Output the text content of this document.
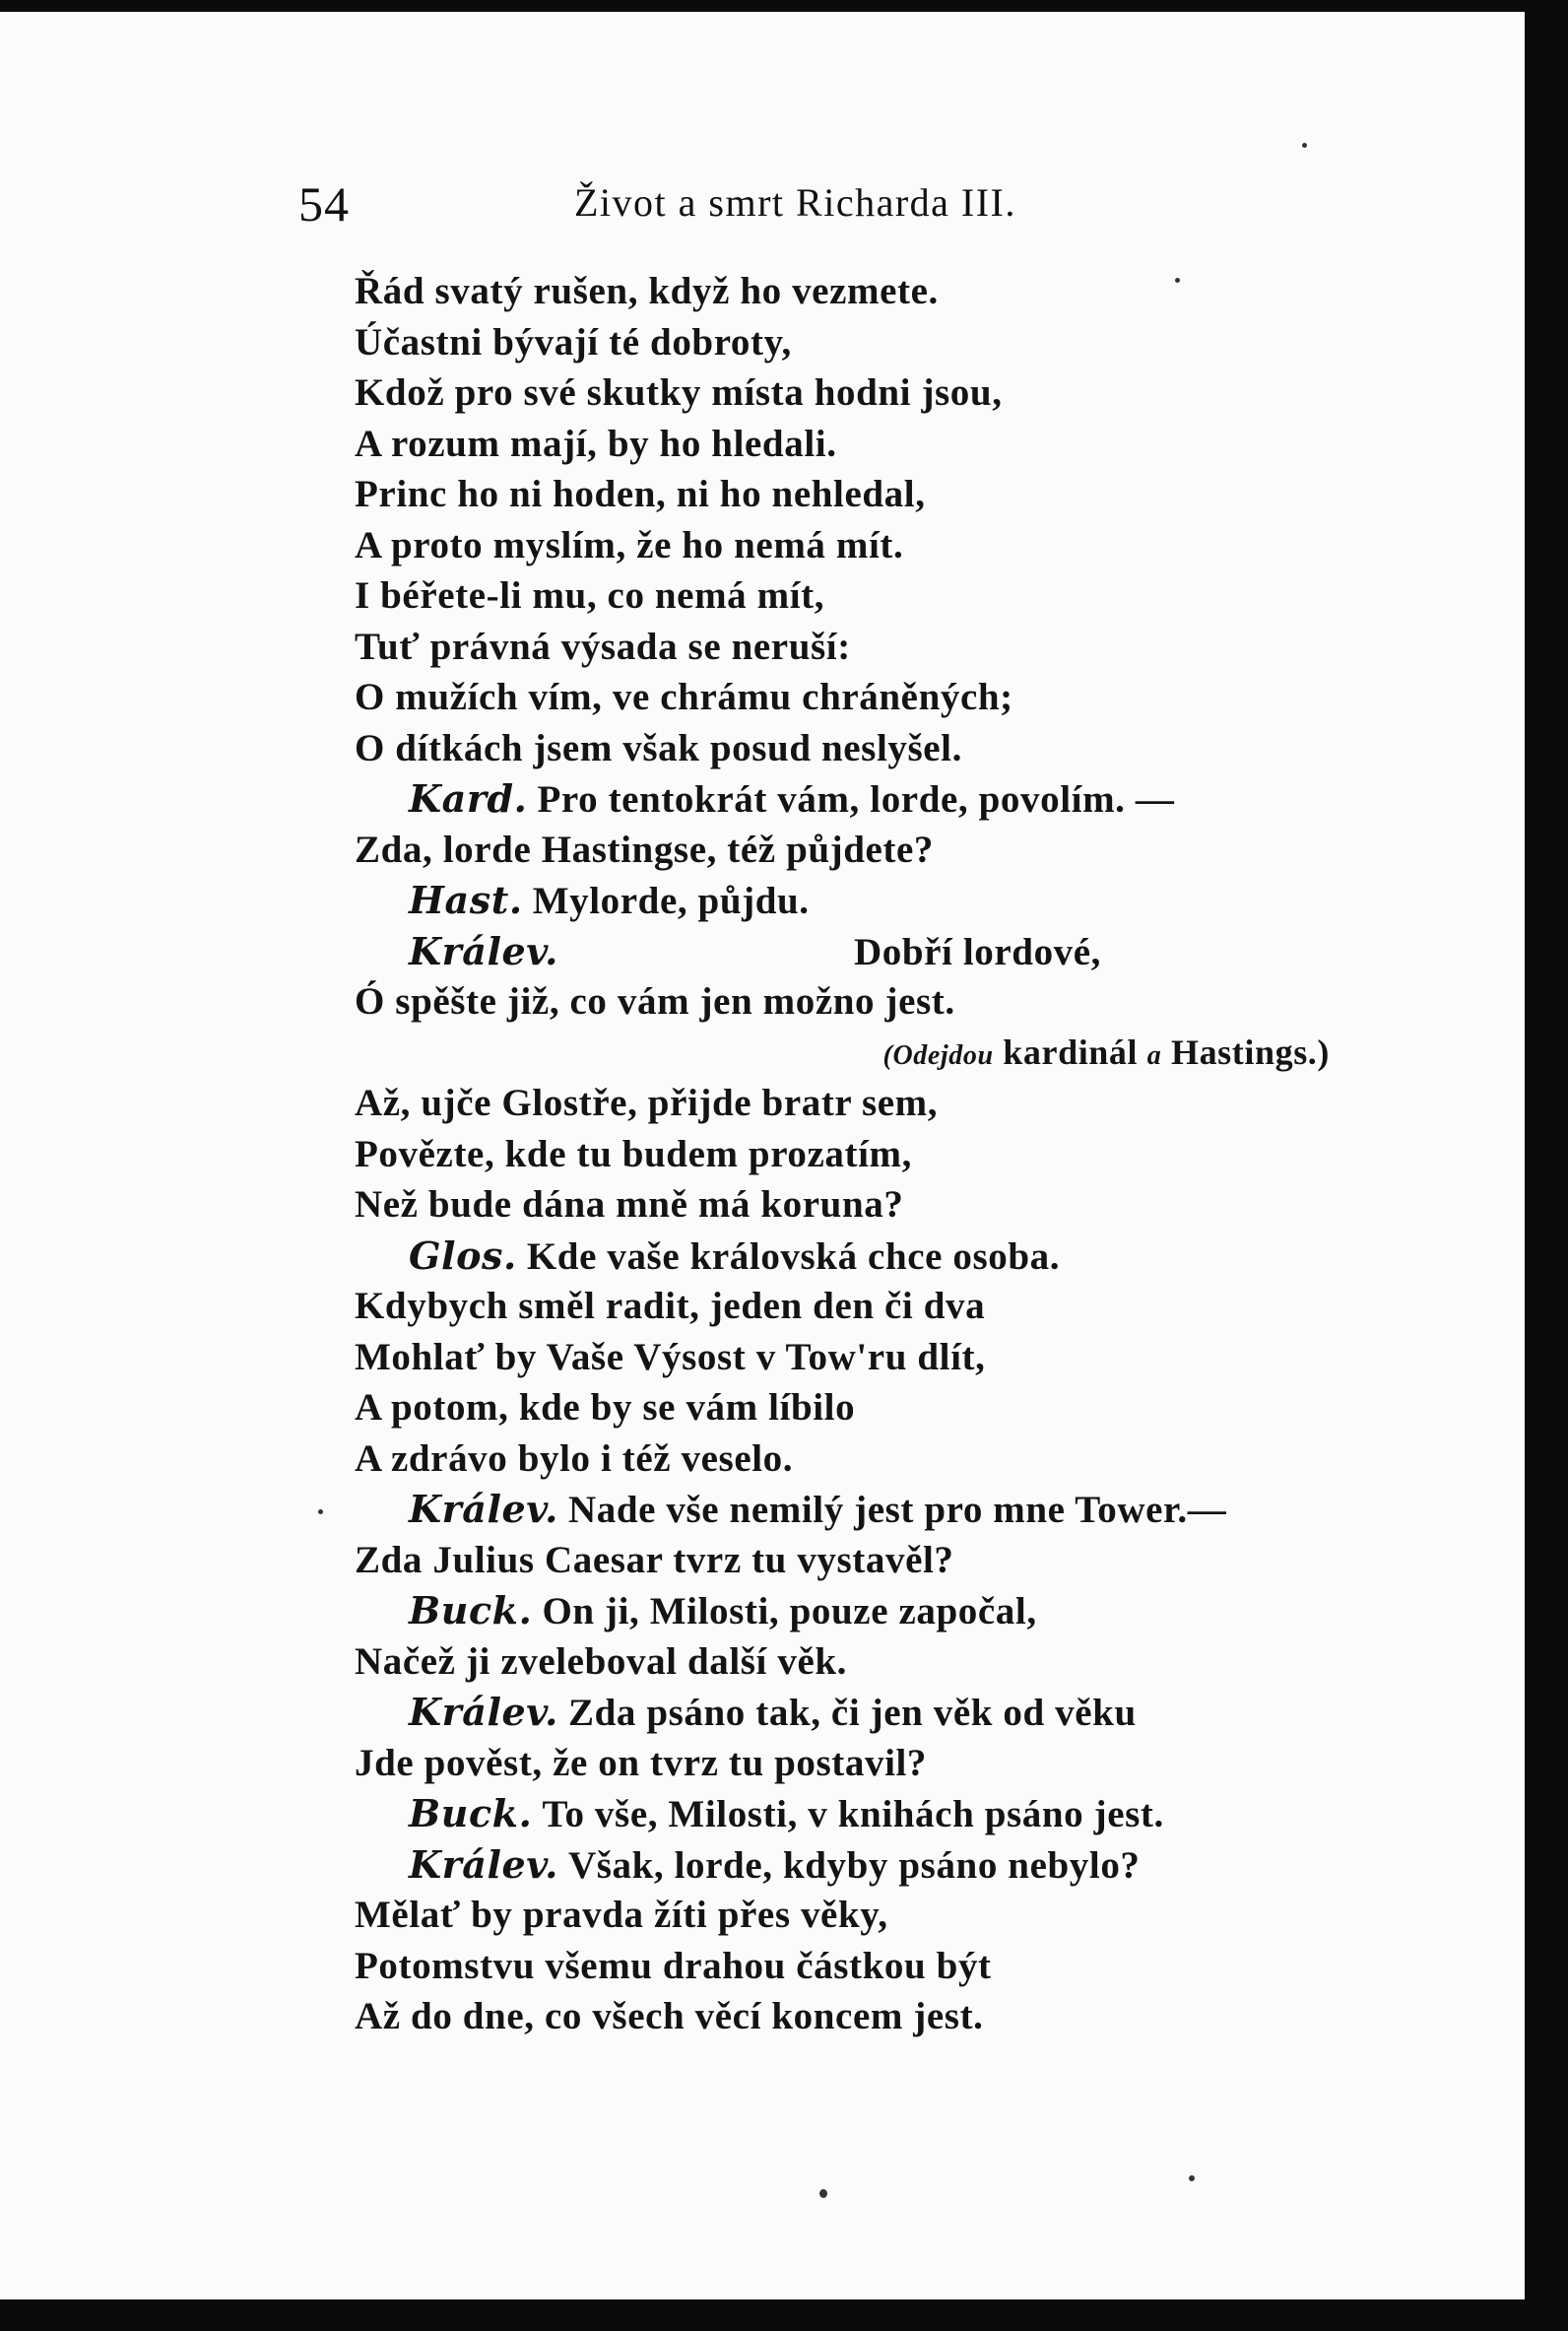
54	Život a smrt Richarda III.
Řád svatý rušen, když ho vezmete.
Účastni bývají té dobroty,
Kdož pro své skutky místa hodni jsou,
A rozum mají, by ho hledali.
Princ ho ni hoden, ni ho nehledal,
A proto myslím, že ho nemá mít.
I béřete-li mu, co nemá mít,
Tuť právná výsada se neruší:
O mužích vím, ve chrámu chráněných;
O dítkách jsem však posud neslyšel.
Kard. Pro tentokrát vám, lorde, povolím. —
Zda, lorde Hastingse, též půjdete?
Hast. Mylorde, půjdu.
Králev.	Dobří lordové,
Ó spěšte již, co vám jen možno jest.
(Odejdou kardinál a Hastings.)
Až, ujče Glostře, přijde bratr sem,
Povězte, kde tu budem prozatím,
Než bude dána mně má koruna?
Glos. Kde vaše královská chce osoba.
Kdybych směl radit, jeden den či dva
Mohlať by Vaše Výsost v Tow'ru dlít,
A potom, kde by se vám líbilo
A zdrávo bylo i též veselo.
Králev. Nade vše nemilý jest pro mne Tower.—
Zda Julius Caesar tvrz tu vystavěl?
Buck. On ji, Milosti, pouze započal,
Načež ji zveleboval další věk.
Králev. Zda psáno tak, či jen věk od věku
Jde pověst, že on tvrz tu postavil?
Buck. To vše, Milosti, v knihách psáno jest.
Králev. Však, lorde, kdyby psáno nebylo?
Mělať by pravda žíti přes věky,
Potomstvu všemu drahou částkou být
Až do dne, co všech věcí koncem jest.
